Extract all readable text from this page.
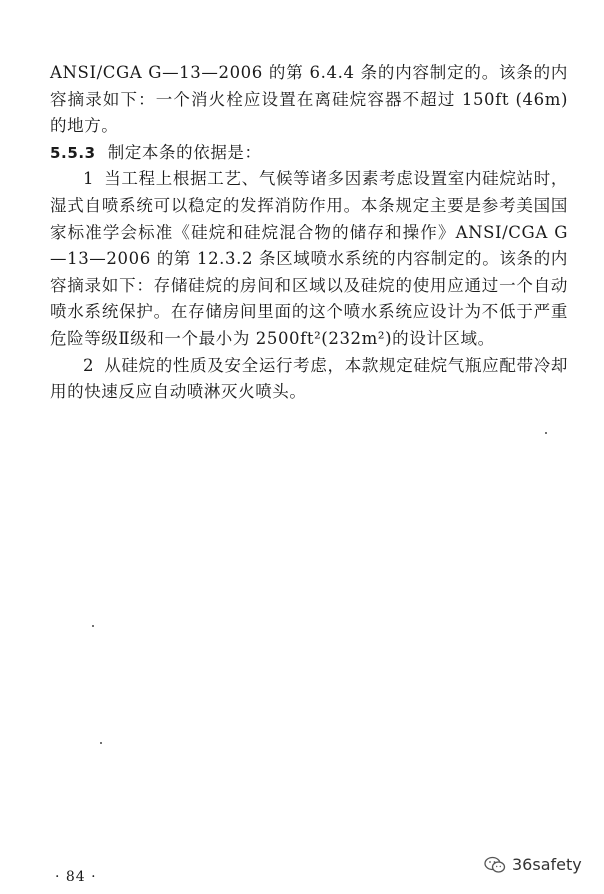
ANSI/CGA G—13—2006 的第 6.4.4 条的内容制定的。该条的内容摘录如下：一个消火栓应设置在离硅烷容器不超过 150ft (46m)的地方。

5.5.3 制定本条的依据是：

1 当工程上根据工艺、气候等诸多因素考虑设置室内硅烷站时，湿式自喷系统可以稳定的发挥消防作用。本条规定主要是参考美国国家标准学会标准《硅烷和硅烷混合物的储存和操作》ANSI/CGA G—13—2006 的第 12.3.2 条区域喷水系统的内容制定的。该条的内容摘录如下：存储硅烷的房间和区域以及硅烷的使用应通过一个自动喷水系统保护。在存储房间里面的这个喷水系统应设计为不低于严重危险等级Ⅱ级和一个最小为 2500ft²(232m²)的设计区域。

2 从硅烷的性质及安全运行考虑，本款规定硅烷气瓶应配带冷却用的快速反应自动喷淋灭火喷头。

· 84 ·
36safety
